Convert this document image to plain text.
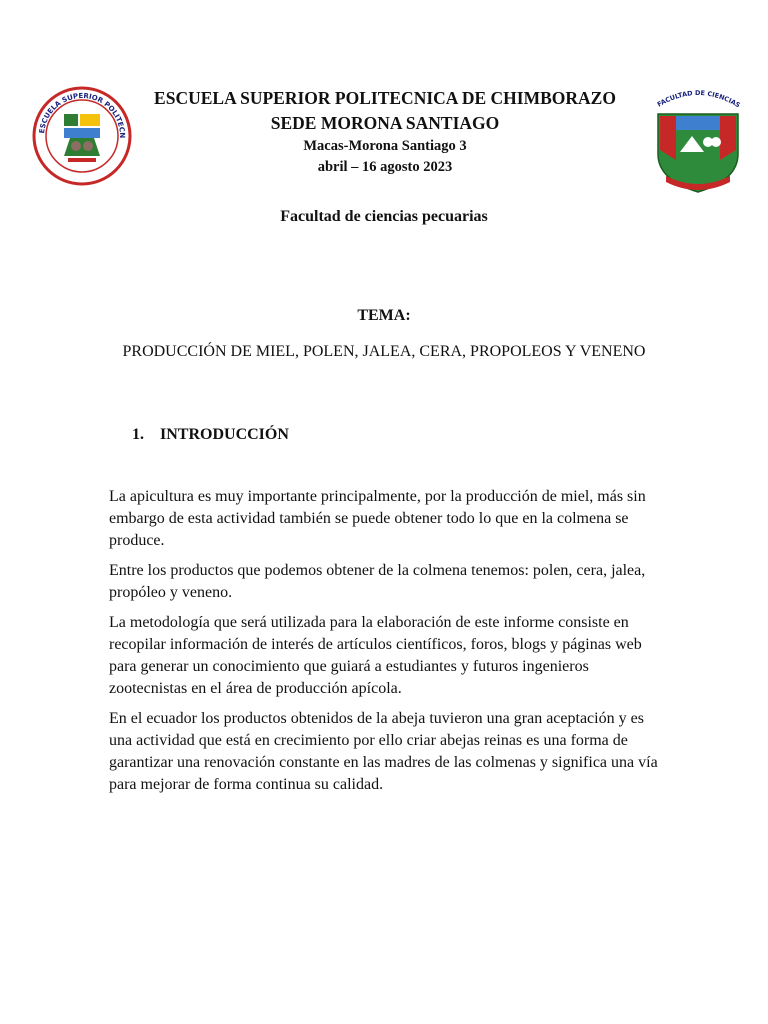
ESCUELA SUPERIOR POLITECN
FACULTAD DE CIENCIAS
ESCUELA SUPERIOR POLITECNICA DE CHIMBORAZO
SEDE MORONA SANTIAGO
Macas-Morona Santiago 3
abril – 16 agosto 2023
Facultad de ciencias pecuarias
TEMA:
PRODUCCIÓN DE MIEL, POLEN, JALEA, CERA, PROPOLEOS Y VENENO
1. INTRODUCCIÓN

La apicultura es muy importante principalmente, por la producción de miel, más sin embargo de esta actividad también se puede obtener todo lo que en la colmena se produce.

Entre los productos que podemos obtener de la colmena tenemos: polen, cera, jalea, propóleo y veneno.

La metodología que será utilizada para la elaboración de este informe consiste en recopilar información de interés de artículos científicos, foros, blogs y páginas web para generar un conocimiento que guiará a estudiantes y futuros ingenieros zootecnistas en el área de producción apícola.

En el ecuador los productos obtenidos de la abeja tuvieron una gran aceptación y es una actividad que está en crecimiento por ello criar abejas reinas es una forma de garantizar una renovación constante en las madres de las colmenas y significa una vía para mejorar de forma continua su calidad.
